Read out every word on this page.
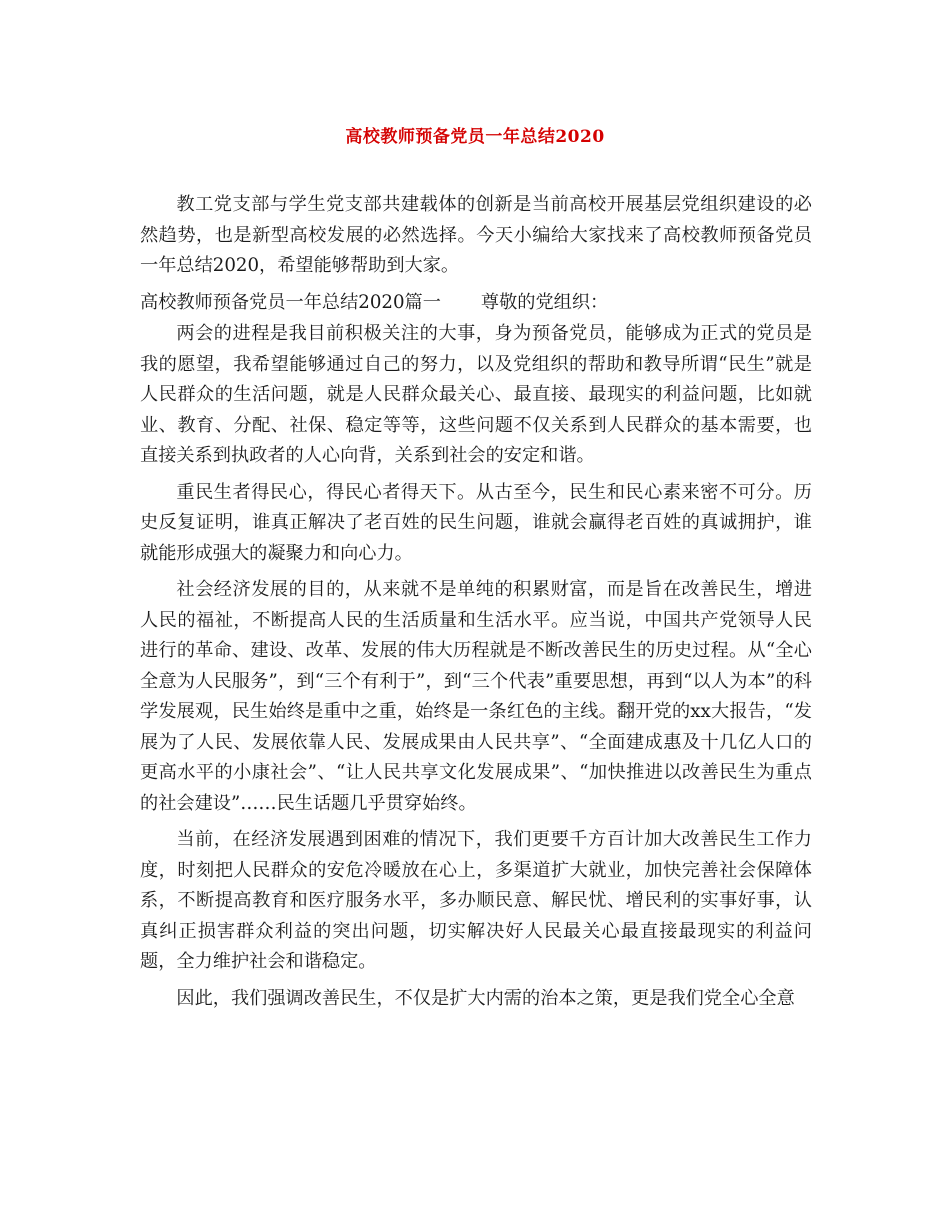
高校教师预备党员一年总结2020

教工党支部与学生党支部共建载体的创新是当前高校开展基层党组织建设的必然趋势，也是新型高校发展的必然选择。今天小编给大家找来了高校教师预备党员一年总结2020，希望能够帮助到大家。

高校教师预备党员一年总结2020篇一 尊敬的党组织：

两会的进程是我目前积极关注的大事，身为预备党员，能够成为正式的党员是我的愿望，我希望能够通过自己的努力，以及党组织的帮助和教导所谓“民生”就是人民群众的生活问题，就是人民群众最关心、最直接、最现实的利益问题，比如就业、教育、分配、社保、稳定等等，这些问题不仅关系到人民群众的基本需要，也直接关系到执政者的人心向背，关系到社会的安定和谐。

重民生者得民心，得民心者得天下。从古至今，民生和民心素来密不可分。历史反复证明，谁真正解决了老百姓的民生问题，谁就会赢得老百姓的真诚拥护，谁就能形成强大的凝聚力和向心力。

社会经济发展的目的，从来就不是单纯的积累财富，而是旨在改善民生，增进人民的福祉，不断提高人民的生活质量和生活水平。应当说，中国共产党领导人民进行的革命、建设、改革、发展的伟大历程就是不断改善民生的历史过程。从“全心全意为人民服务”，到“三个有利于”，到“三个代表”重要思想，再到“以人为本”的科学发展观，民生始终是重中之重，始终是一条红色的主线。翻开党的xx大报告，“发展为了人民、发展依靠人民、发展成果由人民共享”、“全面建成惠及十几亿人口的更高水平的小康社会”、“让人民共享文化发展成果”、“加快推进以改善民生为重点的社会建设”……民生话题几乎贯穿始终。

当前，在经济发展遇到困难的情况下，我们更要千方百计加大改善民生工作力度，时刻把人民群众的安危冷暖放在心上，多渠道扩大就业，加快完善社会保障体系，不断提高教育和医疗服务水平，多办顺民意、解民忧、增民利的实事好事，认真纠正损害群众利益的突出问题，切实解决好人民最关心最直接最现实的利益问题，全力维护社会和谐稳定。

因此，我们强调改善民生，不仅是扩大内需的治本之策，更是我们党全心全意
